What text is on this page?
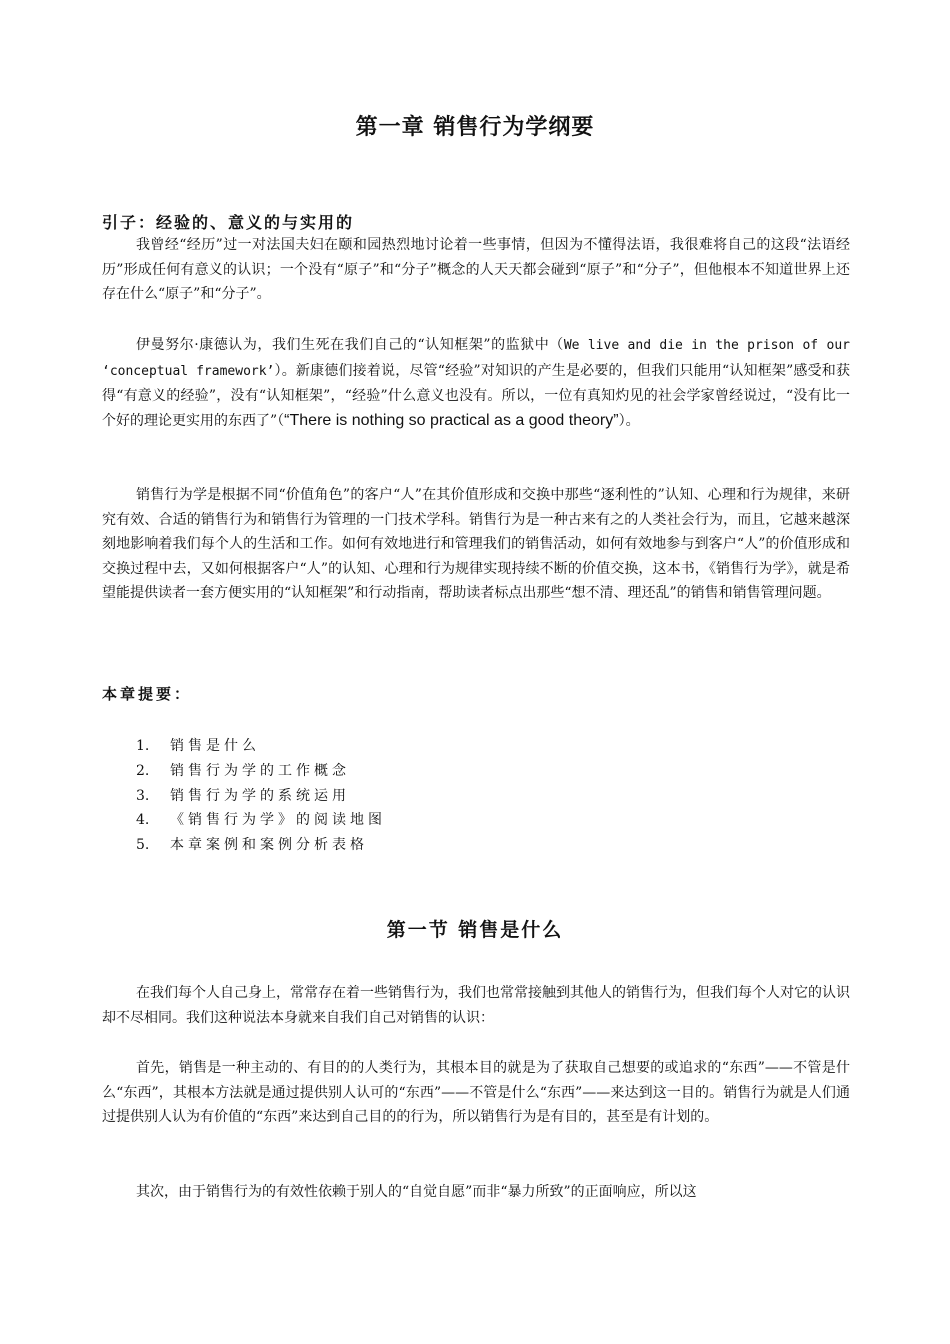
第一章 销售行为学纲要
引子：经验的、意义的与实用的

我曾经“经历”过一对法国夫妇在颐和园热烈地讨论着一些事情，但因为不懂得法语，我很难将自己的这段“法语经历”形成任何有意义的认识；一个没有“原子”和“分子”概念的人天天都会碰到“原子”和“分子”，但他根本不知道世界上还存在什么“原子”和“分子”。

伊曼努尔·康德认为，我们生死在我们自己的“认知框架”的监狱中（We live and die in the prison of our ‘conceptual framework’）。新康德们接着说，尽管“经验”对知识的产生是必要的，但我们只能用“认知框架”感受和获得“有意义的经验”，没有“认知框架”，“经验”什么意义也没有。所以，一位有真知灼见的社会学家曾经说过，“没有比一个好的理论更实用的东西了”（“There is nothing so practical as a good theory”）。

销售行为学是根据不同“价值角色”的客户“人”在其价值形成和交换中那些“逐利性的”认知、心理和行为规律，来研究有效、合适的销售行为和销售行为管理的一门技术学科。销售行为是一种古来有之的人类社会行为，而且，它越来越深刻地影响着我们每个人的生活和工作。如何有效地进行和管理我们的销售活动，如何有效地参与到客户“人”的价值形成和交换过程中去，又如何根据客户“人”的认知、心理和行为规律实现持续不断的价值交换，这本书，《销售行为学》，就是希望能提供读者一套方便实用的“认知框架”和行动指南，帮助读者标点出那些“想不清、理还乱”的销售和销售管理问题。

本章提要：
1. 销售是什么
2. 销售行为学的工作概念
3. 销售行为学的系统运用
4. 《销售行为学》的阅读地图
5. 本章案例和案例分析表格
第一节 销售是什么

在我们每个人自己身上，常常存在着一些销售行为，我们也常常接触到其他人的销售行为，但我们每个人对它的认识却不尽相同。我们这种说法本身就来自我们自己对销售的认识：

首先，销售是一种主动的、有目的的人类行为，其根本目的就是为了获取自己想要的或追求的“东西”——不管是什么“东西”，其根本方法就是通过提供别人认可的“东西”——不管是什么“东西”——来达到这一目的。销售行为就是人们通过提供别人认为有价值的“东西”来达到自己目的的行为，所以销售行为是有目的，甚至是有计划的。

其次，由于销售行为的有效性依赖于别人的“自觉自愿”而非“暴力所致”的正面响应，所以这
